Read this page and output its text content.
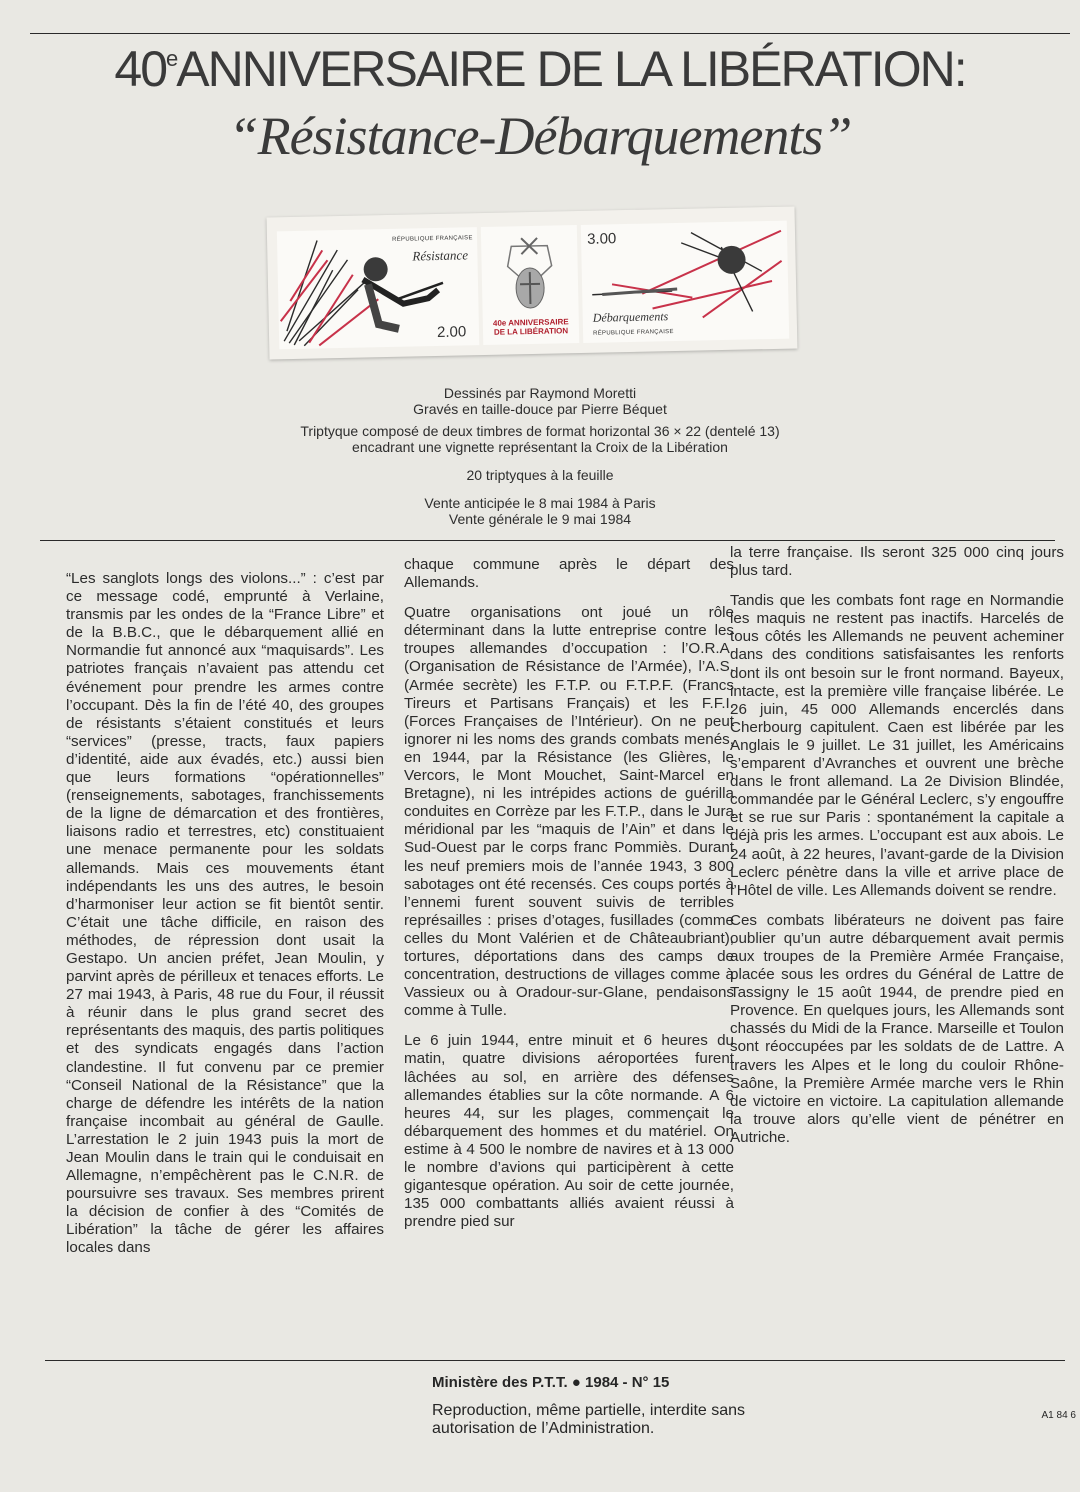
40eANNIVERSAIRE DE LA LIBÉRATION:
“Résistance-Débarquements”
RÉPUBLIQUE FRANÇAISE
Résistance
2.00
40e ANNIVERSAIRE
DE LA LIBÉRATION
3.00
Débarquements
RÉPUBLIQUE FRANÇAISE
Dessinés par Raymond Moretti
Gravés en taille-douce par Pierre Béquet
Triptyque composé de deux timbres de format horizontal 36 × 22 (dentelé 13)
encadrant une vignette représentant la Croix de la Libération
20 triptyques à la feuille
Vente anticipée le 8 mai 1984 à Paris
Vente générale le 9 mai 1984

“Les sanglots longs des violons...” : c’est par ce message codé, emprunté à Verlaine, transmis par les ondes de la “France Libre” et de la B.B.C., que le débarquement allié en Normandie fut annoncé aux “maquisards”. Les patriotes français n’avaient pas attendu cet événement pour prendre les armes contre l’occupant. Dès la fin de l’été 40, des groupes de résistants s’étaient constitués et leurs “services” (presse, tracts, faux papiers d’identité, aide aux évadés, etc.) aussi bien que leurs formations “opérationnelles” (renseignements, sabotages, franchissements de la ligne de démarcation et des frontières, liaisons radio et terrestres, etc) constituaient une menace permanente pour les soldats allemands. Mais ces mouvements étant indépendants les uns des autres, le besoin d’harmoniser leur action se fit bientôt sentir. C’était une tâche difficile, en raison des méthodes, de répression dont usait la Gestapo. Un ancien préfet, Jean Moulin, y parvint après de périlleux et tenaces efforts. Le 27 mai 1943, à Paris, 48 rue du Four, il réussit à réunir dans le plus grand secret des représentants des maquis, des partis politiques et des syndicats engagés dans l’action clandestine. Il fut convenu par ce premier “Conseil National de la Résistance” que la charge de défendre les intérêts de la nation française incombait au général de Gaulle. L’arrestation le 2 juin 1943 puis la mort de Jean Moulin dans le train qui le conduisait en Allemagne, n’empêchèrent pas le C.N.R. de poursuivre ses travaux. Ses membres prirent la décision de confier à des “Comités de Libération” la tâche de gérer les affaires locales dans

chaque commune après le départ des Allemands.

Quatre organisations ont joué un rôle déterminant dans la lutte entreprise contre les troupes allemandes d’occupation : l’O.R.A. (Organisation de Résistance de l’Armée), l’A.S. (Armée secrète) les F.T.P. ou F.T.P.F. (Francs Tireurs et Partisans Français) et les F.F.I. (Forces Françaises de l’Intérieur). On ne peut ignorer ni les noms des grands combats menés, en 1944, par la Résistance (les Glières, le Vercors, le Mont Mouchet, Saint-Marcel en Bretagne), ni les intrépides actions de guérilla conduites en Corrèze par les F.T.P., dans le Jura méridional par les “maquis de l’Ain” et dans le Sud-Ouest par le corps franc Pommiès. Durant les neuf premiers mois de l’année 1943, 3 800 sabotages ont été recensés. Ces coups portés à l’ennemi furent souvent suivis de terribles représailles : prises d’otages, fusillades (comme celles du Mont Valérien et de Châteaubriant), tortures, déportations dans des camps de concentration, destructions de villages comme à Vassieux ou à Oradour-sur-Glane, pendaisons comme à Tulle.

Le 6 juin 1944, entre minuit et 6 heures du matin, quatre divisions aéroportées furent lâchées au sol, en arrière des défenses allemandes établies sur la côte normande. A 6 heures 44, sur les plages, commençait le débarquement des hommes et du matériel. On estime à 4 500 le nombre de navires et à 13 000 le nombre d’avions qui participèrent à cette gigantesque opération. Au soir de cette journée, 135 000 combattants alliés avaient réussi à prendre pied sur

la terre française. Ils seront 325 000 cinq jours plus tard.

Tandis que les combats font rage en Normandie les maquis ne restent pas inactifs. Harcelés de tous côtés les Allemands ne peuvent acheminer dans des conditions satisfaisantes les renforts dont ils ont besoin sur le front normand. Bayeux, intacte, est la première ville française libérée. Le 26 juin, 45 000 Allemands encerclés dans Cherbourg capitulent. Caen est libérée par les Anglais le 9 juillet. Le 31 juillet, les Américains s’emparent d’Avranches et ouvrent une brèche dans le front allemand. La 2e Division Blindée, commandée par le Général Leclerc, s’y engouffre et se rue sur Paris : spontanément la capitale a déjà pris les armes. L’occupant est aux abois. Le 24 août, à 22 heures, l’avant-garde de la Division Leclerc pénètre dans la ville et arrive place de l’Hôtel de ville. Les Allemands doivent se rendre.

Ces combats libérateurs ne doivent pas faire oublier qu’un autre débarquement avait permis aux troupes de la Première Armée Française, placée sous les ordres du Général de Lattre de Tassigny le 15 août 1944, de prendre pied en Provence. En quelques jours, les Allemands sont chassés du Midi de la France. Marseille et Toulon sont réoccupées par les soldats de de Lattre. A travers les Alpes et le long du couloir Rhône-Saône, la Première Armée marche vers le Rhin de victoire en victoire. La capitulation allemande la trouve alors qu’elle vient de pénétrer en Autriche.

Ministère des P.T.T. ● 1984 - N° 15
Reproduction, même partielle, interdite sans autorisation de l’Administration.
A1 84 6
